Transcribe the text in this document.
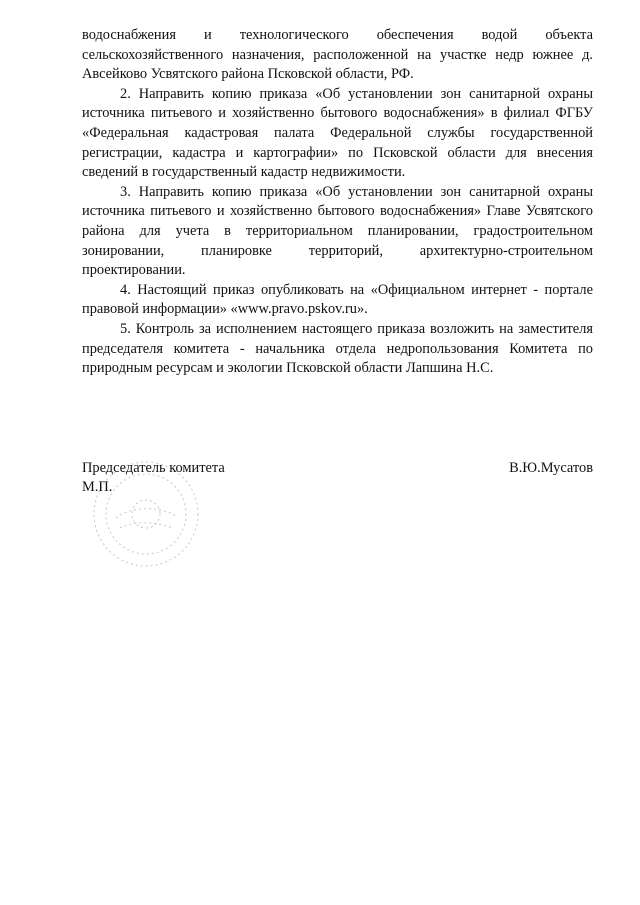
водоснабжения и технологического обеспечения водой объекта сельскохозяйственного назначения, расположенной на участке недр южнее д. Авсейково Усвятского района Псковской области, РФ.

2. Направить копию приказа «Об установлении зон санитарной охраны источника питьевого и хозяйственно бытового водоснабжения» в филиал ФГБУ «Федеральная кадастровая палата Федеральной службы государственной регистрации, кадастра и картографии» по Псковской области для внесения сведений в государственный кадастр недвижимости.

3. Направить копию приказа «Об установлении зон санитарной охраны источника питьевого и хозяйственно бытового водоснабжения» Главе Усвятского района для учета в территориальном планировании, градостроительном зонировании, планировке территорий, архитектурно-строительном проектировании.

4. Настоящий приказ опубликовать на «Официальном интернет - портале правовой информации» «www.pravo.pskov.ru».

5. Контроль за исполнением настоящего приказа возложить на заместителя председателя комитета - начальника отдела недропользования Комитета по природным ресурсам и экологии Псковской области Лапшина Н.С.

Председатель комитета
М.П.
В.Ю.Мусатов
